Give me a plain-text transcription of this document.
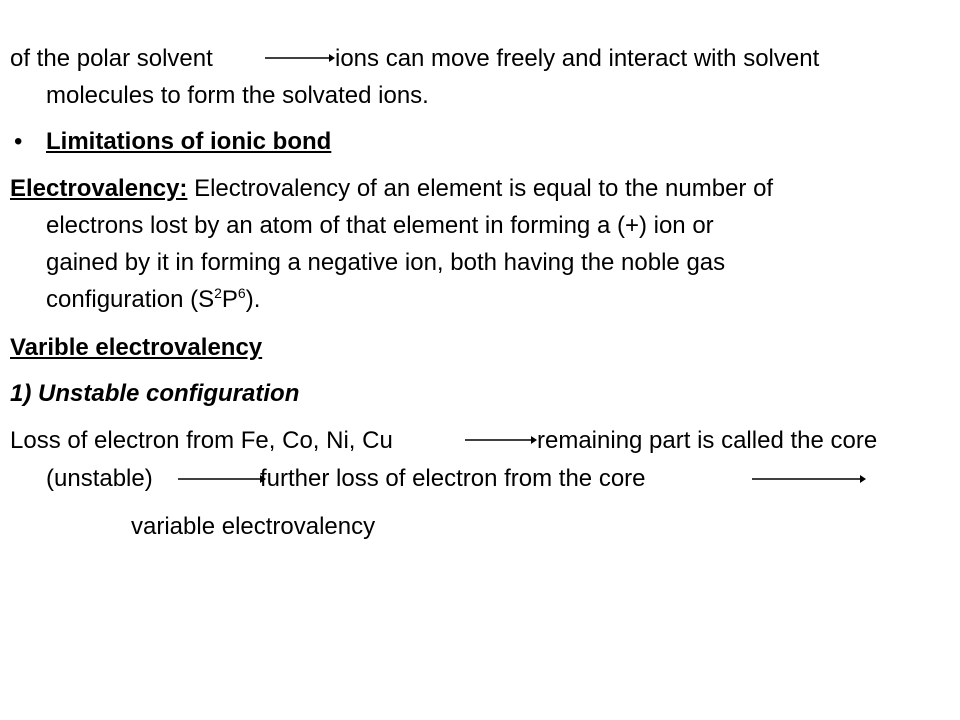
of the polar solvent	ions can move freely and interact with solvent
molecules to form the solvated ions.
• Limitations of ionic bond
Electrovalency: Electrovalency of an element is equal to the number of
electrons lost by an atom of that element in forming a (+) ion or
gained by it in forming a negative ion, both having the noble gas
configuration $(S^2P^6)$.
Varible electrovalency
1) Unstable configuration
Loss of electron from Fe, Co, Ni, Cu	remaining part is called the core
(unstable)	further loss of electron from the core
variable electrovalency
